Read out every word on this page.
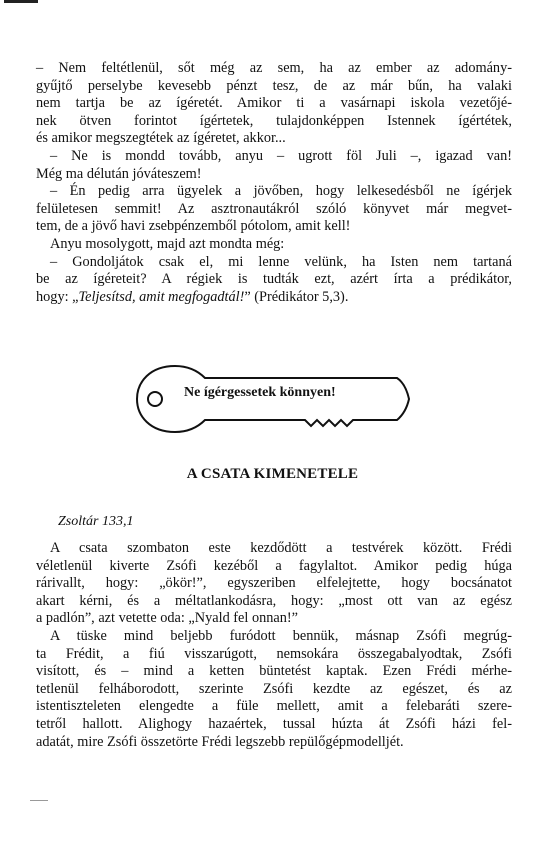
– Nem feltétlenül, sőt még az sem, ha az ember az adomány-
gyűjtő perselybe kevesebb pénzt tesz, de az már bűn, ha valaki
nem tartja be az ígéretét. Amikor ti a vasárnapi iskola vezetőjé-
nek ötven forintot ígértetek, tulajdonképpen Istennek ígértétek,
és amikor megszegtétek az ígéretet, akkor...
– Ne is mondd tovább, anyu – ugrott föl Juli –, igazad van!
Még ma délután jóváteszem!
– Én pedig arra ügyelek a jövőben, hogy lelkesedésből ne ígérjek
felületesen semmit! Az asztronautákról szóló könyvet már megvet-
tem, de a jövő havi zsebpénzemből pótolom, amit kell!
Anyu mosolygott, majd azt mondta még:
– Gondoljátok csak el, mi lenne velünk, ha Isten nem tartaná
be az ígéreteit? A régiek is tudták ezt, azért írta a prédikátor,
hogy: „Teljesítsd, amit megfogadtál!” (Prédikátor 5,3).

Ne ígérgessetek könnyen!
A CSATA KIMENETELE
Zsoltár 133,1

A csata szombaton este kezdődött a testvérek között. Frédi
véletlenül kiverte Zsófi kezéből a fagylaltot. Amikor pedig húga
rárivallt, hogy: „ökör!”, egyszeriben elfelejtette, hogy bocsánatot
akart kérni, és a méltatlankodásra, hogy: „most ott van az egész
a padlón”, azt vetette oda: „Nyald fel onnan!”
A tüske mind beljebb furódott bennük, másnap Zsófi megrúg-
ta Frédit, a fiú visszarúgott, nemsokára összegabalyodtak, Zsófi
visított, és – mind a ketten büntetést kaptak. Ezen Frédi mérhe-
tetlenül felháborodott, szerinte Zsófi kezdte az egészet, és az
istentiszteleten elengedte a füle mellett, amit a felebaráti szere-
tetről hallott. Alighogy hazaértek, tussal húzta át Zsófi házi fel-
adatát, mire Zsófi összetörte Frédi legszebb repülőgépmodelljét.
